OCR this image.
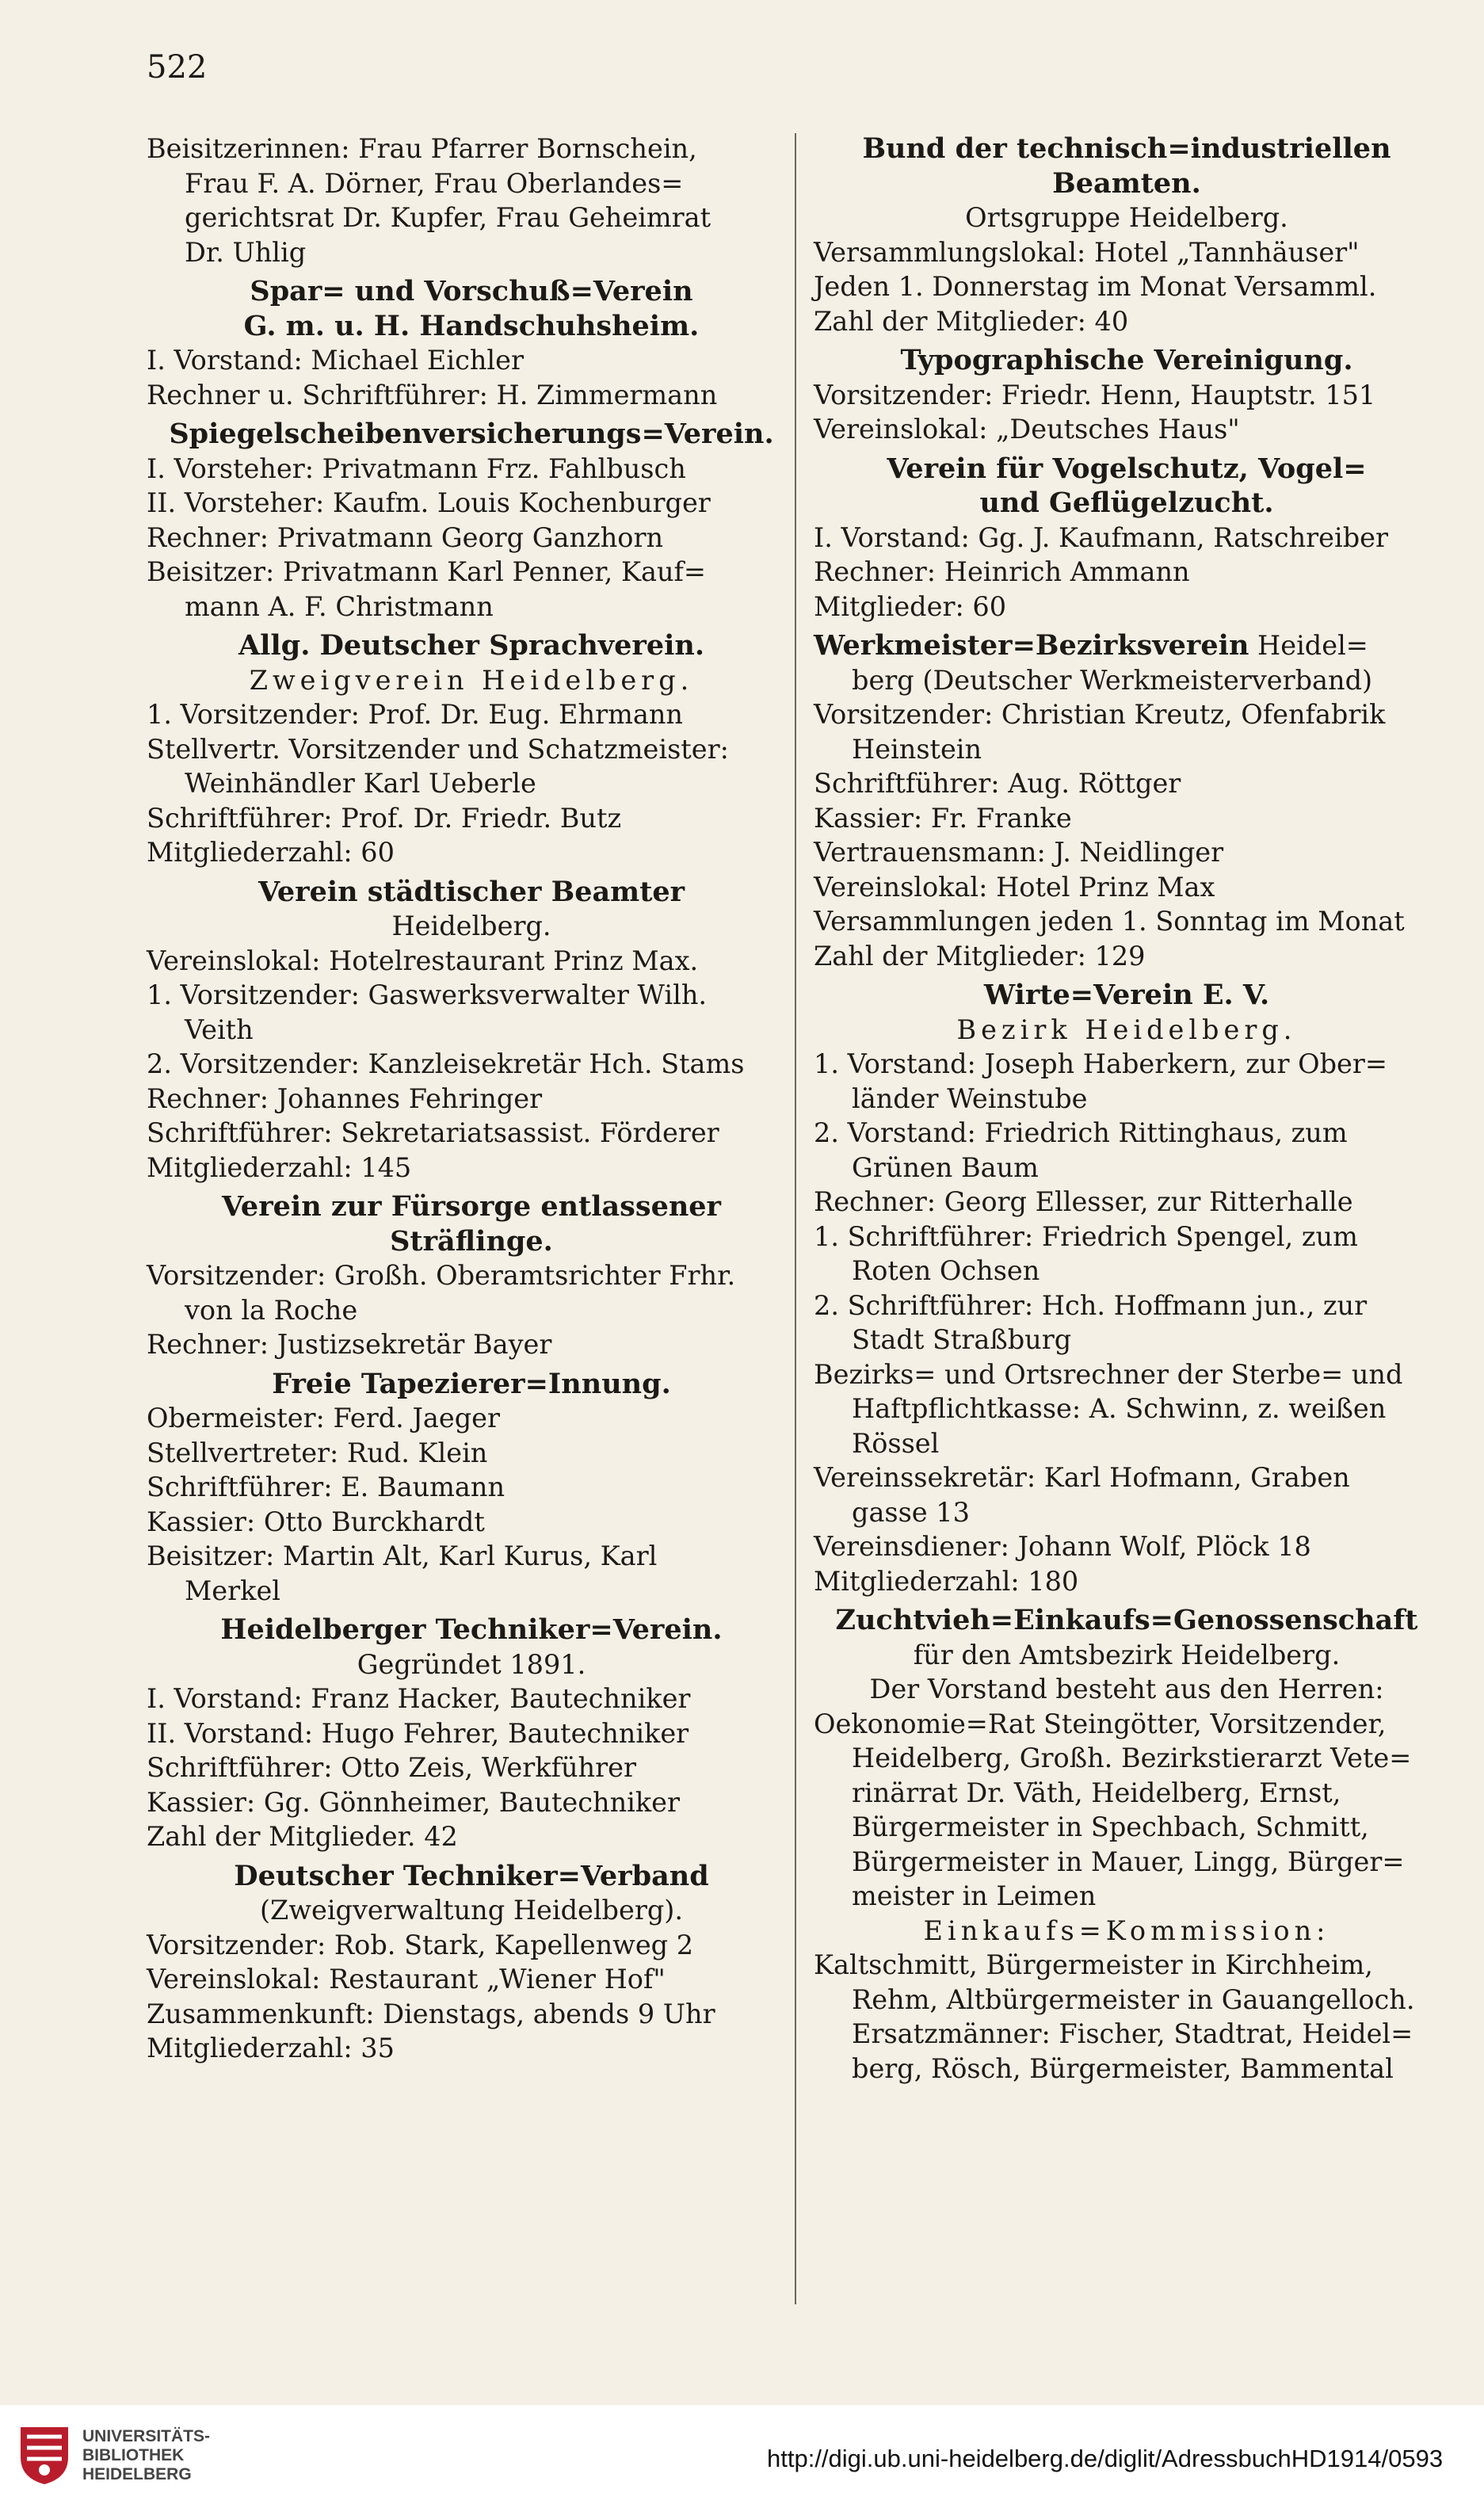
522
Beisitzerinnen: Frau Pfarrer Bornschein,
Frau F. A. Dörner, Frau Oberlandes=
gerichtsrat Dr. Kupfer, Frau Geheimrat
Dr. Uhlig
Spar= und Vorschuß=Verein
G. m. u. H. Handschuhsheim.
I. Vorstand: Michael Eichler
Rechner u. Schriftführer: H. Zimmermann
Spiegelscheibenversicherungs=Verein.
I. Vorsteher: Privatmann Frz. Fahlbusch
II. Vorsteher: Kaufm. Louis Kochenburger
Rechner: Privatmann Georg Ganzhorn
Beisitzer: Privatmann Karl Penner, Kauf=
mann A. F. Christmann
Allg. Deutscher Sprachverein.
Zweigverein Heidelberg.
1. Vorsitzender: Prof. Dr. Eug. Ehrmann
Stellvertr. Vorsitzender und Schatzmeister:
Weinhändler Karl Ueberle
Schriftführer: Prof. Dr. Friedr. Butz
Mitgliederzahl: 60
Verein städtischer Beamter
Heidelberg.
Vereinslokal: Hotelrestaurant Prinz Max.
1. Vorsitzender: Gaswerksverwalter Wilh.
Veith
2. Vorsitzender: Kanzleisekretär Hch. Stams
Rechner: Johannes Fehringer
Schriftführer: Sekretariatsassist. Förderer
Mitgliederzahl: 145
Verein zur Fürsorge entlassener
Sträflinge.
Vorsitzender: Großh. Oberamtsrichter Frhr.
von la Roche
Rechner: Justizsekretär Bayer
Freie Tapezierer=Innung.
Obermeister: Ferd. Jaeger
Stellvertreter: Rud. Klein
Schriftführer: E. Baumann
Kassier: Otto Burckhardt
Beisitzer: Martin Alt, Karl Kurus, Karl
Merkel
Heidelberger Techniker=Verein.
Gegründet 1891.
I. Vorstand: Franz Hacker, Bautechniker
II. Vorstand: Hugo Fehrer, Bautechniker
Schriftführer: Otto Zeis, Werkführer
Kassier: Gg. Gönnheimer, Bautechniker
Zahl der Mitglieder. 42
Deutscher Techniker=Verband
(Zweigverwaltung Heidelberg).
Vorsitzender: Rob. Stark, Kapellenweg 2
Vereinslokal: Restaurant „Wiener Hof"
Zusammenkunft: Dienstags, abends 9 Uhr
Mitgliederzahl: 35
Bund der technisch=industriellen
Beamten.
Ortsgruppe Heidelberg.
Versammlungslokal: Hotel „Tannhäuser"
Jeden 1. Donnerstag im Monat Versamml.
Zahl der Mitglieder: 40
Typographische Vereinigung.
Vorsitzender: Friedr. Henn, Hauptstr. 151
Vereinslokal: „Deutsches Haus"
Verein für Vogelschutz, Vogel=
und Geflügelzucht.
I. Vorstand: Gg. J. Kaufmann, Ratschreiber
Rechner: Heinrich Ammann
Mitglieder: 60
Werkmeister=Bezirksverein Heidel=
berg (Deutscher Werkmeisterverband)
Vorsitzender: Christian Kreutz, Ofenfabrik
Heinstein
Schriftführer: Aug. Röttger
Kassier: Fr. Franke
Vertrauensmann: J. Neidlinger
Vereinslokal: Hotel Prinz Max
Versammlungen jeden 1. Sonntag im Monat
Zahl der Mitglieder: 129
Wirte=Verein E. V.
Bezirk Heidelberg.
1. Vorstand: Joseph Haberkern, zur Ober=
länder Weinstube
2. Vorstand: Friedrich Rittinghaus, zum
Grünen Baum
Rechner: Georg Ellesser, zur Ritterhalle
1. Schriftführer: Friedrich Spengel, zum
Roten Ochsen
2. Schriftführer: Hch. Hoffmann jun., zur
Stadt Straßburg
Bezirks= und Ortsrechner der Sterbe= und
Haftpflichtkasse: A. Schwinn, z. weißen
Rössel
Vereinssekretär: Karl Hofmann, Graben
gasse 13
Vereinsdiener: Johann Wolf, Plöck 18
Mitgliederzahl: 180
Zuchtvieh=Einkaufs=Genossenschaft
für den Amtsbezirk Heidelberg.
Der Vorstand besteht aus den Herren:
Oekonomie=Rat Steingötter, Vorsitzender,
Heidelberg, Großh. Bezirkstierarzt Vete=
rinärrat Dr. Väth, Heidelberg, Ernst,
Bürgermeister in Spechbach, Schmitt,
Bürgermeister in Mauer, Lingg, Bürger=
meister in Leimen
Einkaufs=Kommission:
Kaltschmitt, Bürgermeister in Kirchheim,
Rehm, Altbürgermeister in Gauangelloch.
Ersatzmänner: Fischer, Stadtrat, Heidel=
berg, Rösch, Bürgermeister, Bammental
UNIVERSITÄTS-
BIBLIOTHEK
HEIDELBERG
http://digi.ub.uni-heidelberg.de/diglit/AdressbuchHD1914/0593
